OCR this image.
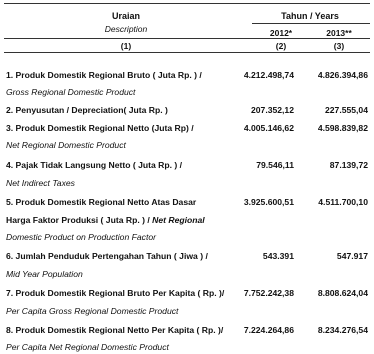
Uraian
Description
(1)
Tahun / Years
2012*	2013**
(2)	(3)
1. Produk Domestik Regional Bruto ( Juta Rp. ) /	4.212.498,74	4.826.394,86
Gross Regional Domestic Product
2. Penyusutan / Depreciation( Juta Rp. )	207.352,12	227.555,04
3. Produk Domestik Regional Netto (Juta Rp) /	4.005.146,62	4.598.839,82
Net Regional Domestic Product
4. Pajak Tidak Langsung Netto ( Juta Rp. ) /	79.546,11	87.139,72
Net Indirect Taxes
5. Produk Domestik Regional Netto Atas Dasar	3.925.600,51	4.511.700,10
Harga Faktor Produksi ( Juta Rp. ) / Net Regional
Domestic Product on Production Factor
6. Jumlah Penduduk Pertengahan Tahun ( Jiwa ) /	543.391	547.917
Mid Year Population
7. Produk Domestik Regional Bruto Per Kapita ( Rp. )/ 7.752.242,38	8.808.624,04
Per Capita Gross Regional Domestic Product
8. Produk Domestik Regional Netto Per Kapita ( Rp. )/ 7.224.264,86	8.234.276,54
Per Capita Net Regional Domestic Product
